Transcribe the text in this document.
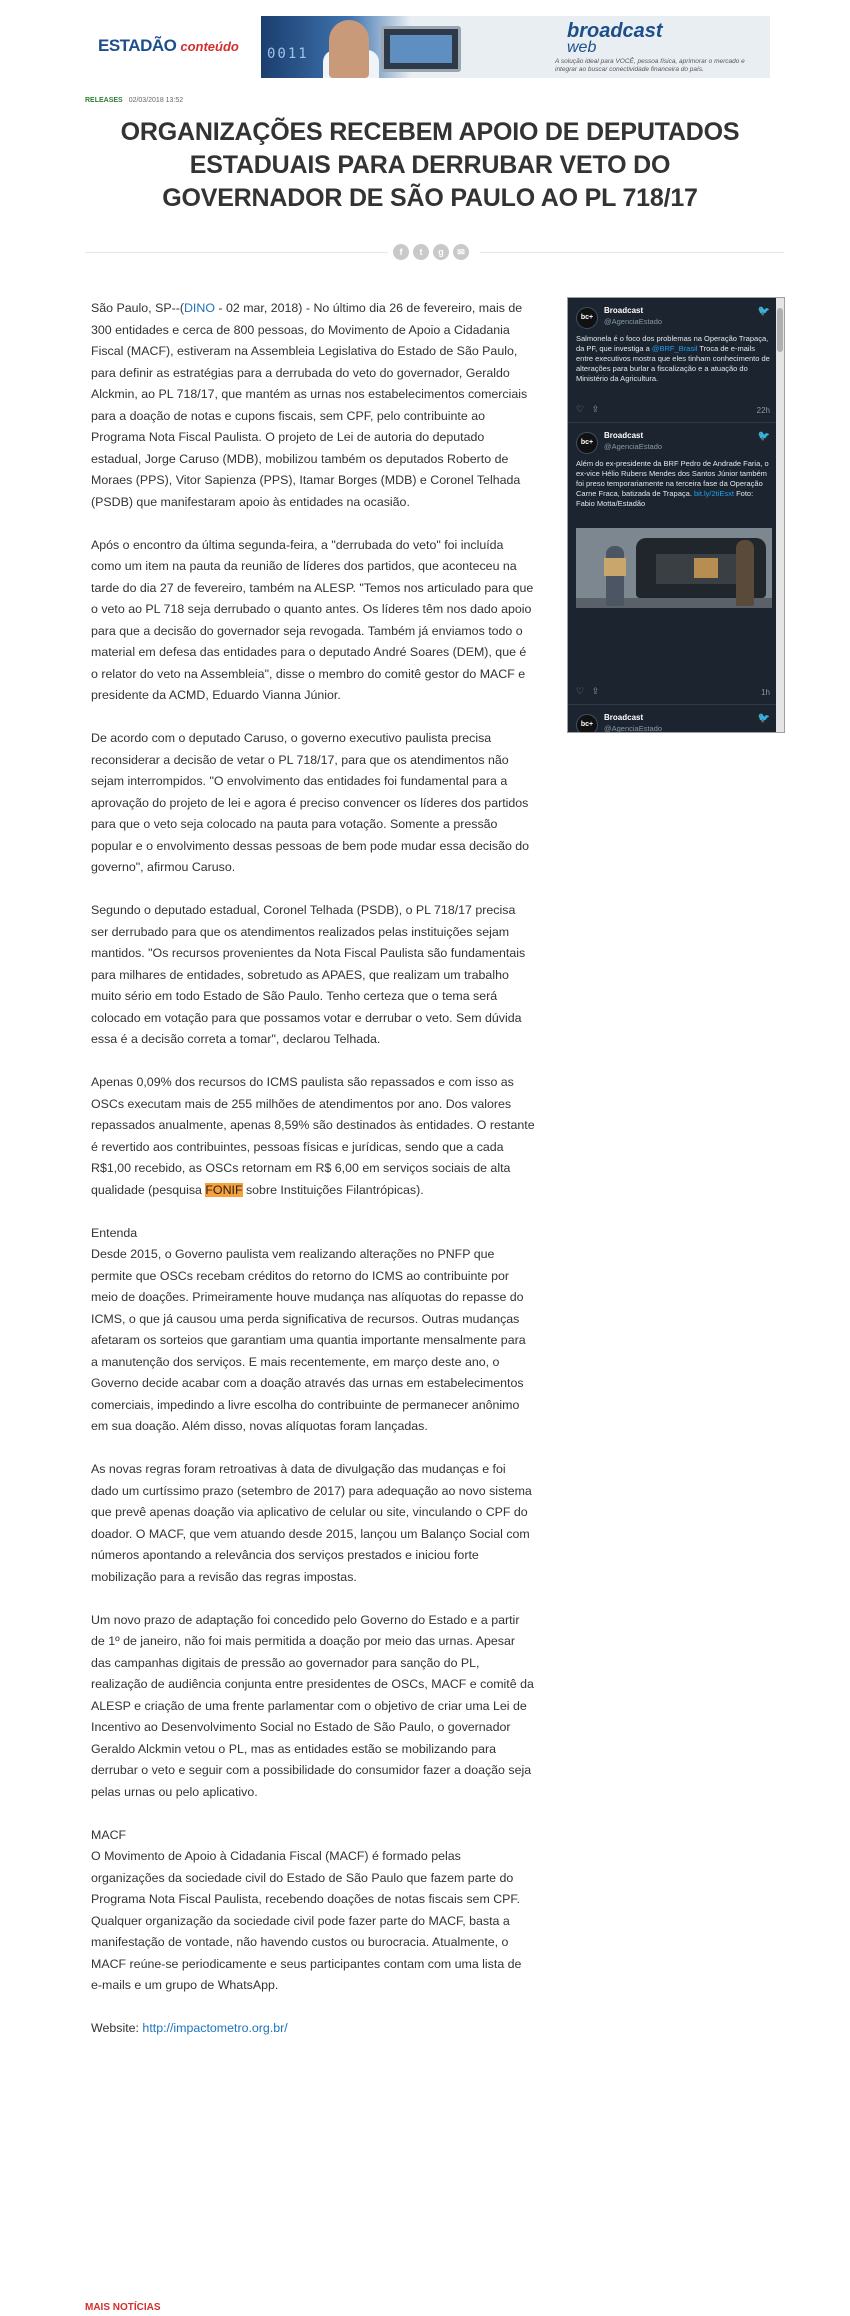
ESTADÃO conteúdo 0011
broadcast
web
A solução ideal para VOCÊ, pessoa física, aprimorar o mercado e integrar ao buscar conectividade financeira do país.
RELEASES 02/03/2018 13:52
ORGANIZAÇÕES RECEBEM APOIO DE DEPUTADOS ESTADUAIS PARA DERRUBAR VETO DO GOVERNADOR DE SÃO PAULO AO PL 718/17
f	t	g	✉

São Paulo, SP--(DINO - 02 mar, 2018) - No último dia 26 de fevereiro, mais de 300 entidades e cerca de 800 pessoas, do Movimento de Apoio a Cidadania Fiscal (MACF), estiveram na Assembleia Legislativa do Estado de São Paulo, para definir as estratégias para a derrubada do veto do governador, Geraldo Alckmin, ao PL 718/17, que mantém as urnas nos estabelecimentos comerciais para a doação de notas e cupons fiscais, sem CPF, pelo contribuinte ao Programa Nota Fiscal Paulista. O projeto de Lei de autoria do deputado estadual, Jorge Caruso (MDB), mobilizou também os deputados Roberto de Moraes (PPS), Vitor Sapienza (PPS), Itamar Borges (MDB) e Coronel Telhada (PSDB) que manifestaram apoio às entidades na ocasião.

Após o encontro da última segunda-feira, a "derrubada do veto" foi incluída como um item na pauta da reunião de líderes dos partidos, que aconteceu na tarde do dia 27 de fevereiro, também na ALESP. "Temos nos articulado para que o veto ao PL 718 seja derrubado o quanto antes. Os líderes têm nos dado apoio para que a decisão do governador seja revogada. Também já enviamos todo o material em defesa das entidades para o deputado André Soares (DEM), que é o relator do veto na Assembleia", disse o membro do comitê gestor do MACF e presidente da ACMD, Eduardo Vianna Júnior.

De acordo com o deputado Caruso, o governo executivo paulista precisa reconsiderar a decisão de vetar o PL 718/17, para que os atendimentos não sejam interrompidos. "O envolvimento das entidades foi fundamental para a aprovação do projeto de lei e agora é preciso convencer os líderes dos partidos para que o veto seja colocado na pauta para votação. Somente a pressão popular e o envolvimento dessas pessoas de bem pode mudar essa decisão do governo", afirmou Caruso.

Segundo o deputado estadual, Coronel Telhada (PSDB), o PL 718/17 precisa ser derrubado para que os atendimentos realizados pelas instituições sejam mantidos. "Os recursos provenientes da Nota Fiscal Paulista são fundamentais para milhares de entidades, sobretudo as APAES, que realizam um trabalho muito sério em todo Estado de São Paulo. Tenho certeza que o tema será colocado em votação para que possamos votar e derrubar o veto. Sem dúvida essa é a decisão correta a tomar", declarou Telhada.

Apenas 0,09% dos recursos do ICMS paulista são repassados e com isso as OSCs executam mais de 255 milhões de atendimentos por ano. Dos valores repassados anualmente, apenas 8,59% são destinados às entidades. O restante é revertido aos contribuintes, pessoas físicas e jurídicas, sendo que a cada R$1,00 recebido, as OSCs retornam em R$ 6,00 em serviços sociais de alta qualidade (pesquisa FONIF sobre Instituições Filantrópicas).

Entenda
Desde 2015, o Governo paulista vem realizando alterações no PNFP que permite que OSCs recebam créditos do retorno do ICMS ao contribuinte por meio de doações. Primeiramente houve mudança nas alíquotas do repasse do ICMS, o que já causou uma perda significativa de recursos. Outras mudanças afetaram os sorteios que garantiam uma quantia importante mensalmente para a manutenção dos serviços. E mais recentemente, em março deste ano, o Governo decide acabar com a doação através das urnas em estabelecimentos comerciais, impedindo a livre escolha do contribuinte de permanecer anônimo em sua doação. Além disso, novas alíquotas foram lançadas.

As novas regras foram retroativas à data de divulgação das mudanças e foi dado um curtíssimo prazo (setembro de 2017) para adequação ao novo sistema que prevê apenas doação via aplicativo de celular ou site, vinculando o CPF do doador. O MACF, que vem atuando desde 2015, lançou um Balanço Social com números apontando a relevância dos serviços prestados e iniciou forte mobilização para a revisão das regras impostas.

Um novo prazo de adaptação foi concedido pelo Governo do Estado e a partir de 1º de janeiro, não foi mais permitida a doação por meio das urnas. Apesar das campanhas digitais de pressão ao governador para sanção do PL, realização de audiência conjunta entre presidentes de OSCs, MACF e comitê da ALESP e criação de uma frente parlamentar com o objetivo de criar uma Lei de Incentivo ao Desenvolvimento Social no Estado de São Paulo, o governador Geraldo Alckmin vetou o PL, mas as entidades estão se mobilizando para derrubar o veto e seguir com a possibilidade do consumidor fazer a doação seja pelas urnas ou pelo aplicativo.

MACF
O Movimento de Apoio à Cidadania Fiscal (MACF) é formado pelas organizações da sociedade civil do Estado de São Paulo que fazem parte do Programa Nota Fiscal Paulista, recebendo doações de notas fiscais sem CPF. Qualquer organização da sociedade civil pode fazer parte do MACF, basta a manifestação de vontade, não havendo custos ou burocracia. Atualmente, o MACF reúne-se periodicamente e seus participantes contam com uma lista de e-mails e um grupo de WhatsApp.

Website: http://impactometro.org.br/

bc+
Broadcast
@AgenciaEstado
🐦
Salmonela é o foco dos problemas na Operação Trapaça, da PF, que investiga a @BRF_Brasil Troca de e-mails entre executivos mostra que eles tinham conhecimento de alterações para burlar a fiscalização e a atuação do Ministério da Agricultura.
♡ ⇪	22h
bc+
Broadcast
@AgenciaEstado
🐦
Além do ex-presidente da BRF Pedro de Andrade Faria, o ex-vice Hélio Rubens Mendes dos Santos Júnior também foi preso temporariamente na terceira fase da Operação Carne Fraca, batizada de Trapaça. bit.ly/2tiEsxt Foto: Fabio Motta/Estadão
♡ ⇪	1h
bc+
Broadcast
@AgenciaEstado
🐦
MAIS NOTÍCIAS
